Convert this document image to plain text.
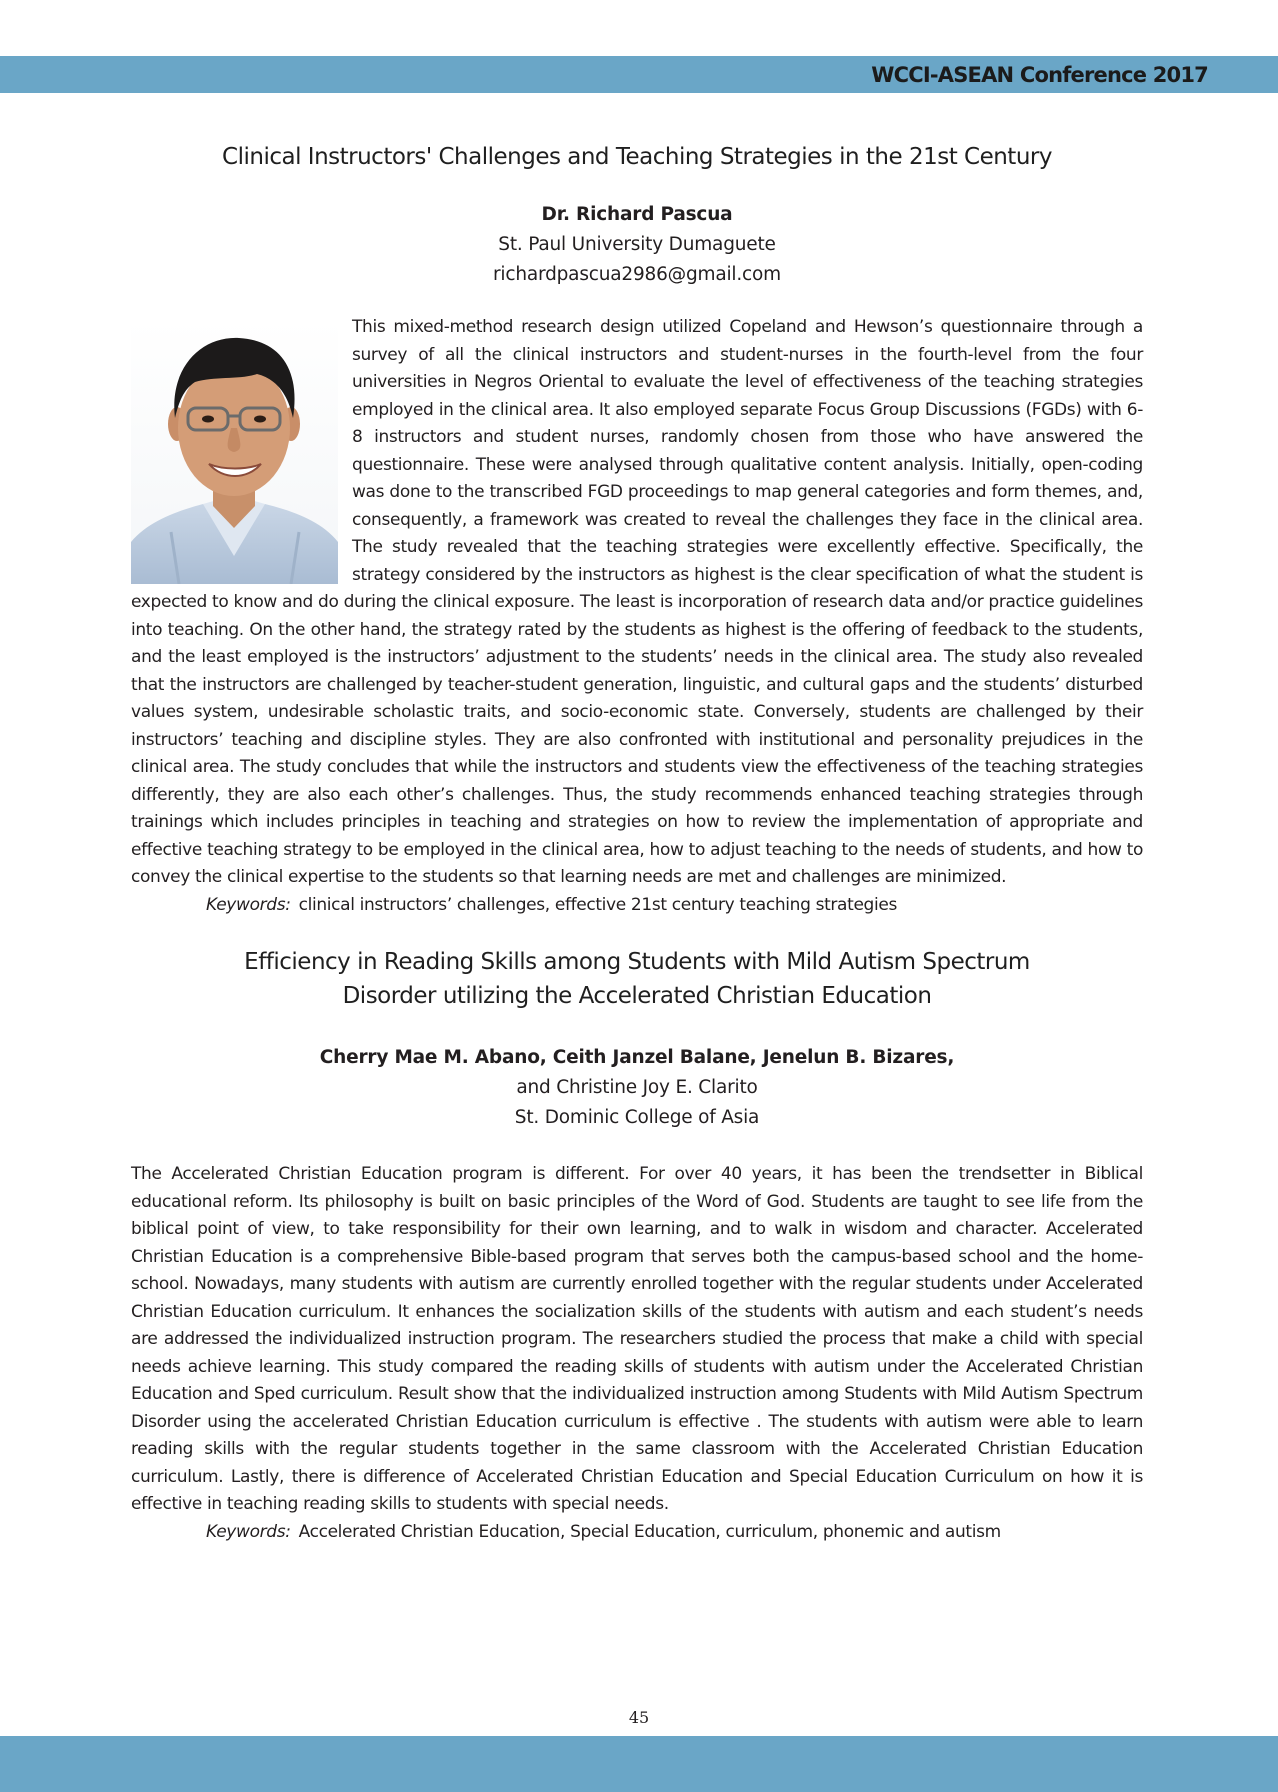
WCCI-ASEAN Conference 2017
Clinical Instructors' Challenges and Teaching Strategies in the 21st Century
Dr. Richard Pascua
St. Paul University Dumaguete
richardpascua2986@gmail.com

This mixed-method research design utilized Copeland and Hewson’s questionnaire through a survey of all the clinical instructors and student-nurses in the fourth-level from the four universities in Negros Oriental to evaluate the level of effectiveness of the teaching strategies employed in the clinical area. It also employed separate Focus Group Discussions (FGDs) with 6-8 instructors and student nurses, randomly chosen from those who have answered the questionnaire. These were analysed through qualitative content analysis. Initially, open-coding was done to the transcribed FGD proceedings to map general categories and form themes, and, consequently, a framework was created to reveal the challenges they face in the clinical area. The study revealed that the teaching strategies were excellently effective. Specifically, the strategy considered by the instructors as highest is the clear specification of what the student is expected to know and do during the clinical exposure. The least is incorporation of research data and/or practice guidelines into teaching. On the other hand, the strategy rated by the students as highest is the offering of feedback to the students, and the least employed is the instructors’ adjustment to the students’ needs in the clinical area. The study also revealed that the instructors are challenged by teacher-student generation, linguistic, and cultural gaps and the students’ disturbed values system, undesirable scholastic traits, and socio-economic state. Conversely, students are challenged by their instructors’ teaching and discipline styles. They are also confronted with institutional and personality prejudices in the clinical area. The study concludes that while the instructors and students view the effectiveness of the teaching strategies differently, they are also each other’s challenges. Thus, the study recommends enhanced teaching strategies through trainings which includes principles in teaching and strategies on how to review the implementation of appropriate and effective teaching strategy to be employed in the clinical area, how to adjust teaching to the needs of students, and how to convey the clinical expertise to the students so that learning needs are met and challenges are minimized.

Keywords: clinical instructors’ challenges, effective 21st century teaching strategies

Efficiency in Reading Skills among Students with Mild Autism Spectrum
Disorder utilizing the Accelerated Christian Education
Cherry Mae M. Abano, Ceith Janzel Balane, Jenelun B. Bizares,
and Christine Joy E. Clarito
St. Dominic College of Asia

The Accelerated Christian Education program is different. For over 40 years, it has been the trendsetter in Biblical educational reform. Its philosophy is built on basic principles of the Word of God. Students are taught to see life from the biblical point of view, to take responsibility for their own learning, and to walk in wisdom and character. Accelerated Christian Education is a comprehensive Bible-based program that serves both the campus-based school and the home-school. Nowadays, many students with autism are currently enrolled together with the regular students under Accelerated Christian Education curriculum. It enhances the socialization skills of the students with autism and each student’s needs are addressed the individualized instruction program. The researchers studied the process that make a child with special needs achieve learning. This study compared the reading skills of students with autism under the Accelerated Christian Education and Sped curriculum. Result show that the individualized instruction among Students with Mild Autism Spectrum Disorder using the accelerated Christian Education curriculum is effective . The students with autism were able to learn reading skills with the regular students together in the same classroom with the Accelerated Christian Education curriculum. Lastly, there is difference of Accelerated Christian Education and Special Education Curriculum on how it is effective in teaching reading skills to students with special needs.

Keywords: Accelerated Christian Education, Special Education, curriculum, phonemic and autism

45
